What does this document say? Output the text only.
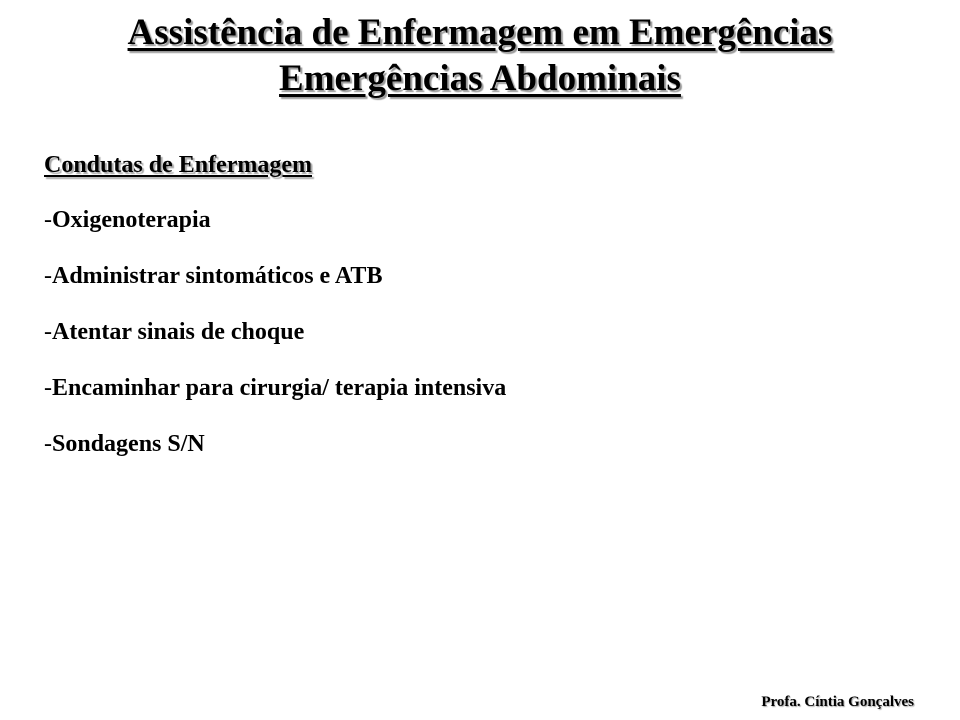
Assistência de Enfermagem em Emergências
Emergências Abdominais
Condutas de Enfermagem
-Oxigenoterapia
-Administrar sintomáticos e ATB
-Atentar sinais de choque
-Encaminhar para cirurgia/ terapia intensiva
-Sondagens S/N
Profa. Cíntia Gonçalves
